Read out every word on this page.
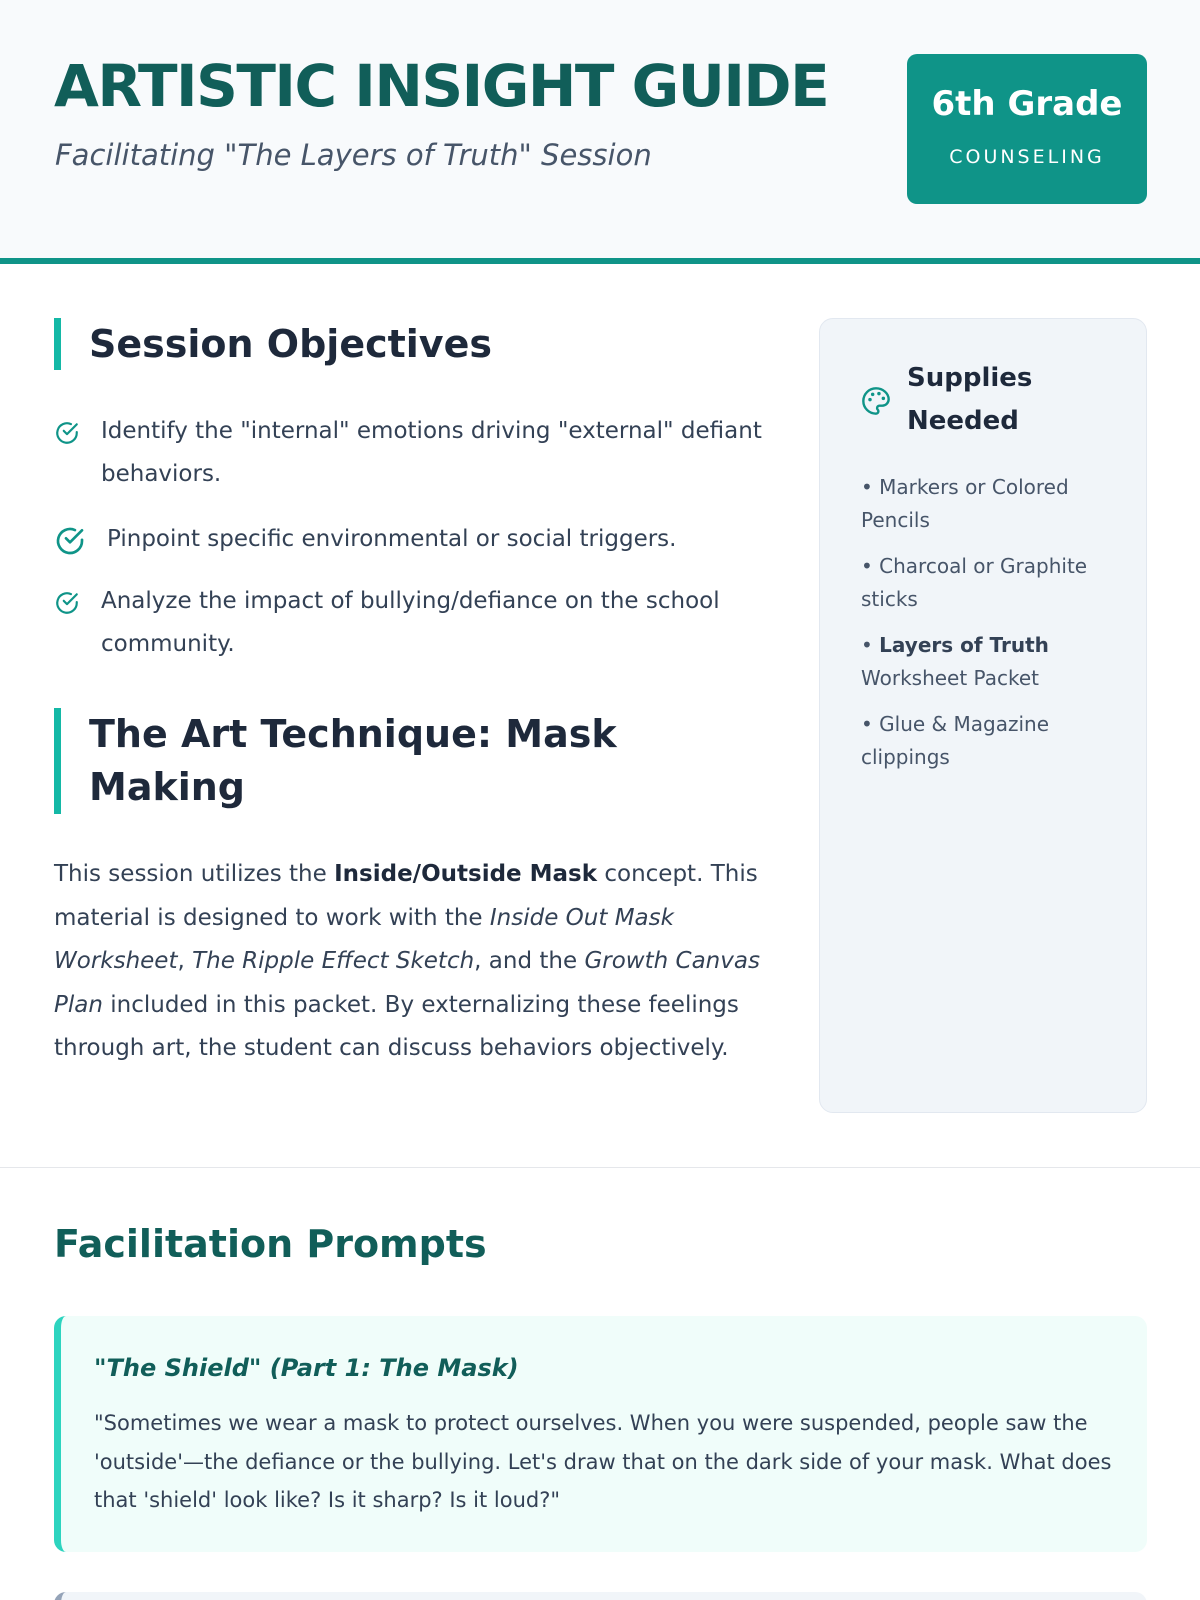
ARTISTIC INSIGHT GUIDE
Facilitating "The Layers of Truth" Session
6th Grade
COUNSELING
Session Objectives
Identify the "internal" emotions driving "external" defiant behaviors.
Pinpoint specific environmental or social triggers.
Analyze the impact of bullying/defiance on the school community.
The Art Technique: Mask Making

This session utilizes the Inside/Outside Mask concept. This material is designed to work with the Inside Out Mask Worksheet, The Ripple Effect Sketch, and the Growth Canvas Plan included in this packet. By externalizing these feelings through art, the student can discuss behaviors objectively.

Supplies Needed
• Markers or Colored Pencils
• Charcoal or Graphite sticks
• Layers of Truth Worksheet Packet
• Glue & Magazine clippings
Facilitation Prompts
"The Shield" (Part 1: The Mask)
"Sometimes we wear a mask to protect ourselves. When you were suspended, people saw the 'outside'—the defiance or the bullying. Let's draw that on the dark side of your mask. What does that 'shield' look like? Is it sharp? Is it loud?"
